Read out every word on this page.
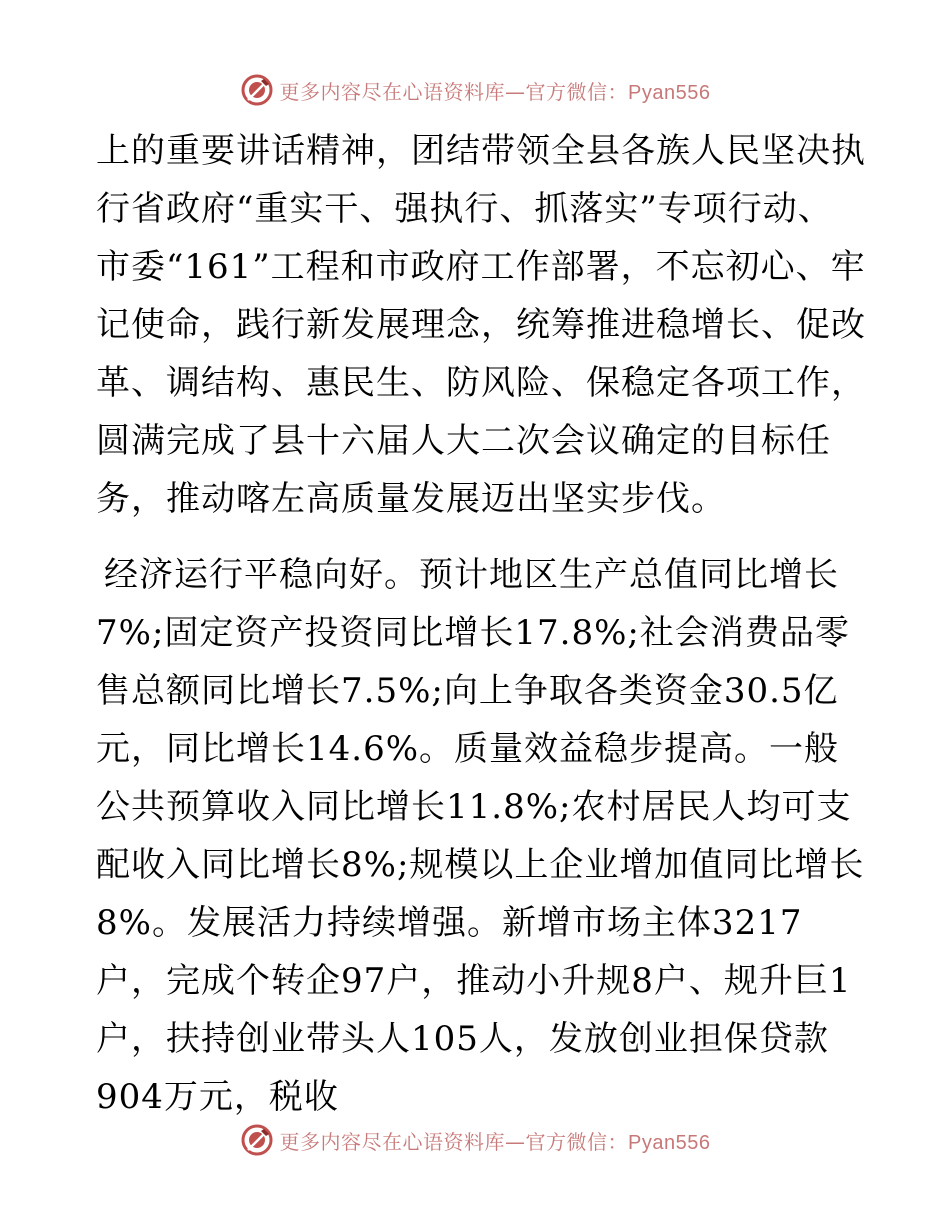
更多内容尽在心语资料库—官方微信：Pyan556

上的重要讲话精神，团结带领全县各族人民坚决执行省政府“重实干、强执行、抓落实”专项行动、市委“161”工程和市政府工作部署，不忘初心、牢记使命，践行新发展理念，统筹推进稳增长、促改革、调结构、惠民生、防风险、保稳定各项工作，圆满完成了县十六届人大二次会议确定的目标任务，推动喀左高质量发展迈出坚实步伐。

经济运行平稳向好。预计地区生产总值同比增长7%;固定资产投资同比增长17.8%;社会消费品零售总额同比增长7.5%;向上争取各类资金30.5亿元，同比增长14.6%。质量效益稳步提高。一般公共预算收入同比增长11.8%;农村居民人均可支配收入同比增长8%;规模以上企业增加值同比增长8%。发展活力持续增强。新增市场主体3217户，完成个转企97户，推动小升规8户、规升巨1户，扶持创业带头人105人，发放创业担保贷款904万元，税收

更多内容尽在心语资料库—官方微信：Pyan556
